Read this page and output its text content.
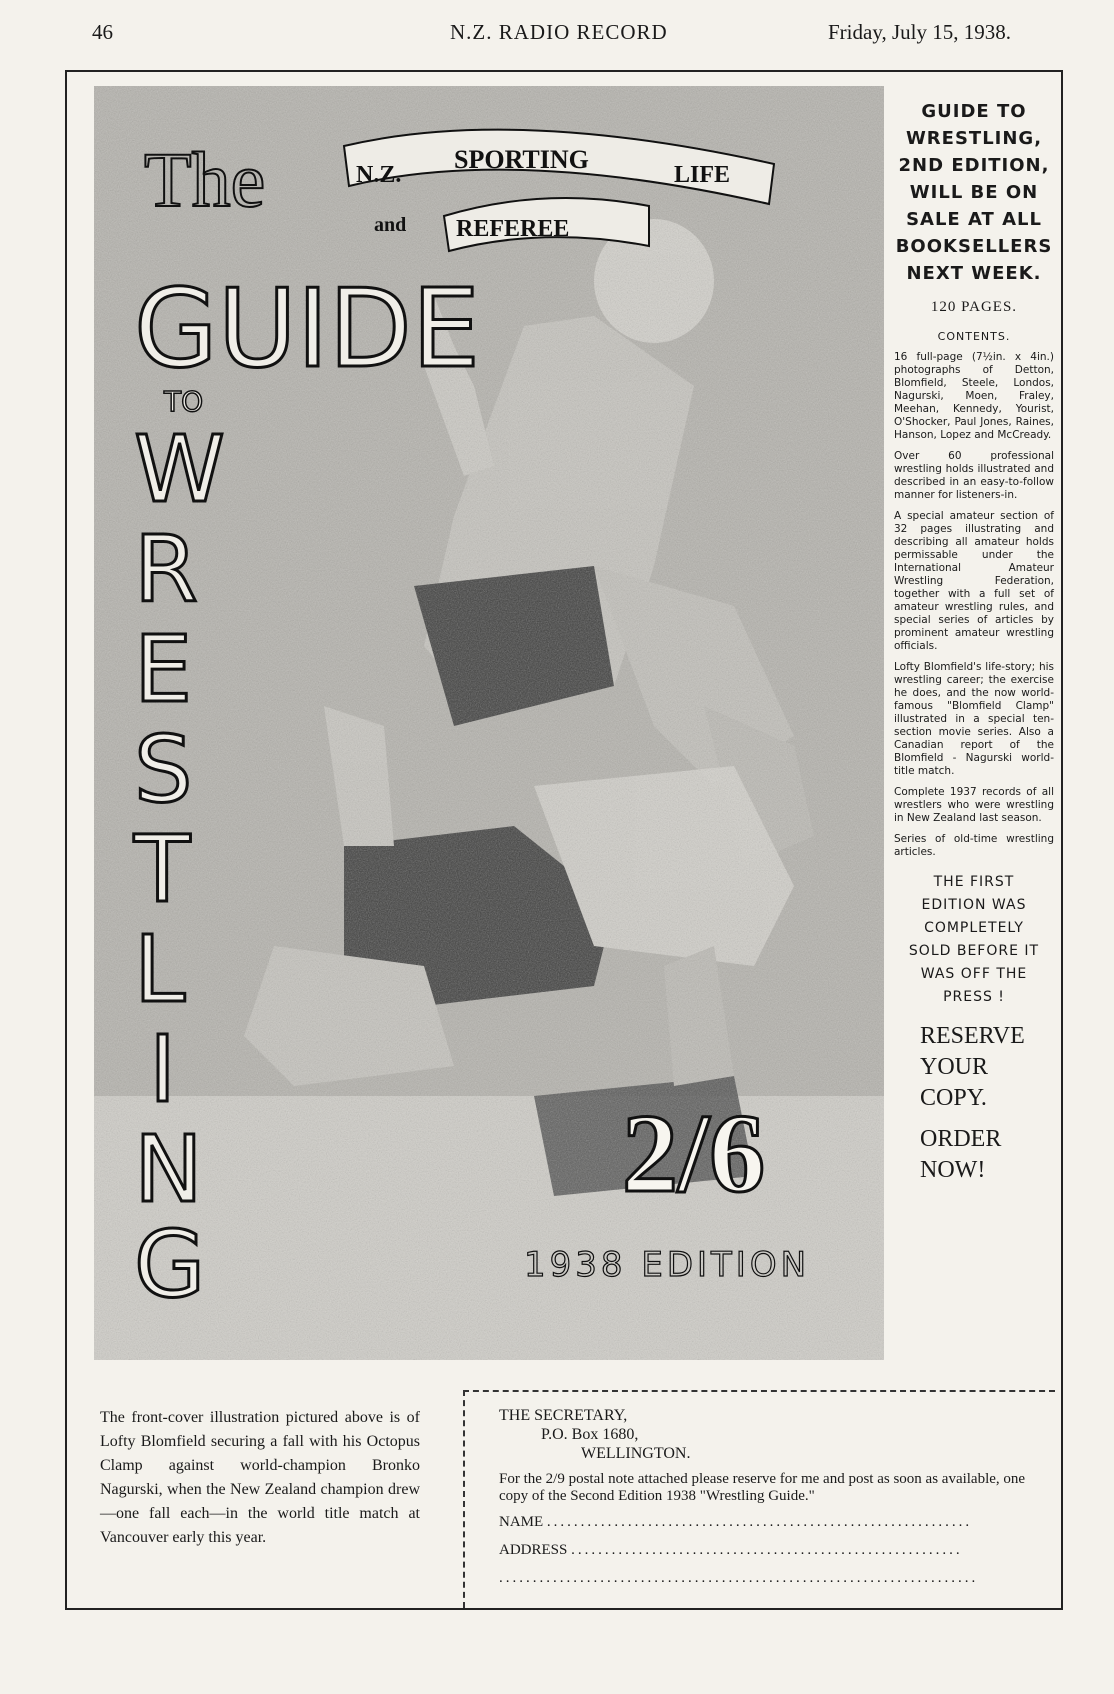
46	N.Z. RADIO RECORD	Friday, July 15, 1938.
The	N.Z.
SPORTING
LIFE
and REFEREE
GUIDE
TO
W
R
E
S
T
L
I
N
G
2/6
1938 EDITION
GUIDE TO
WRESTLING,
2ND EDITION,
WILL BE ON
SALE AT ALL
BOOKSELLERS
NEXT WEEK.
120 PAGES.
CONTENTS.
16 full-page (7½in. x 4in.) photographs of Detton, Blomfield, Steele, Londos, Nagurski, Moen, Fraley, Meehan, Kennedy, Yourist, O'Shocker, Paul Jones, Raines, Hanson, Lopez and McCready.
Over 60 professional wrestling holds illustrated and described in an easy-to-follow manner for listeners-in.
A special amateur section of 32 pages illustrating and describing all amateur holds permissable under the International Amateur Wrestling Federation, together with a full set of amateur wrestling rules, and special series of articles by prominent amateur wrestling officials.
Lofty Blomfield's life-story; his wrestling career; the exercise he does, and the now world-famous "Blomfield Clamp" illustrated in a special ten-section movie series. Also a Canadian report of the Blomfield - Nagurski world-title match.
Complete 1937 records of all wrestlers who were wrestling in New Zealand last season.
Series of old-time wrestling articles.
THE FIRST
EDITION WAS
COMPLETELY
SOLD BEFORE IT
WAS OFF THE
PRESS !
RESERVE
YOUR
COPY.
ORDER
NOW!
The front-cover illustration pictured above is of Lofty Blomfield securing a fall with his Octopus Clamp against world-champion Bronko Nagurski, when the New Zealand champion drew —one fall each—in the world title match at Vancouver early this year.
THE SECRETARY,
P.O. Box 1680,
WELLINGTON.
For the 2/9 postal note attached please reserve for me and post as soon as available, one copy of the Second Edition 1938 "Wrestling Guide."
NAME ...............................................................
ADDRESS ..........................................................
.......................................................................
